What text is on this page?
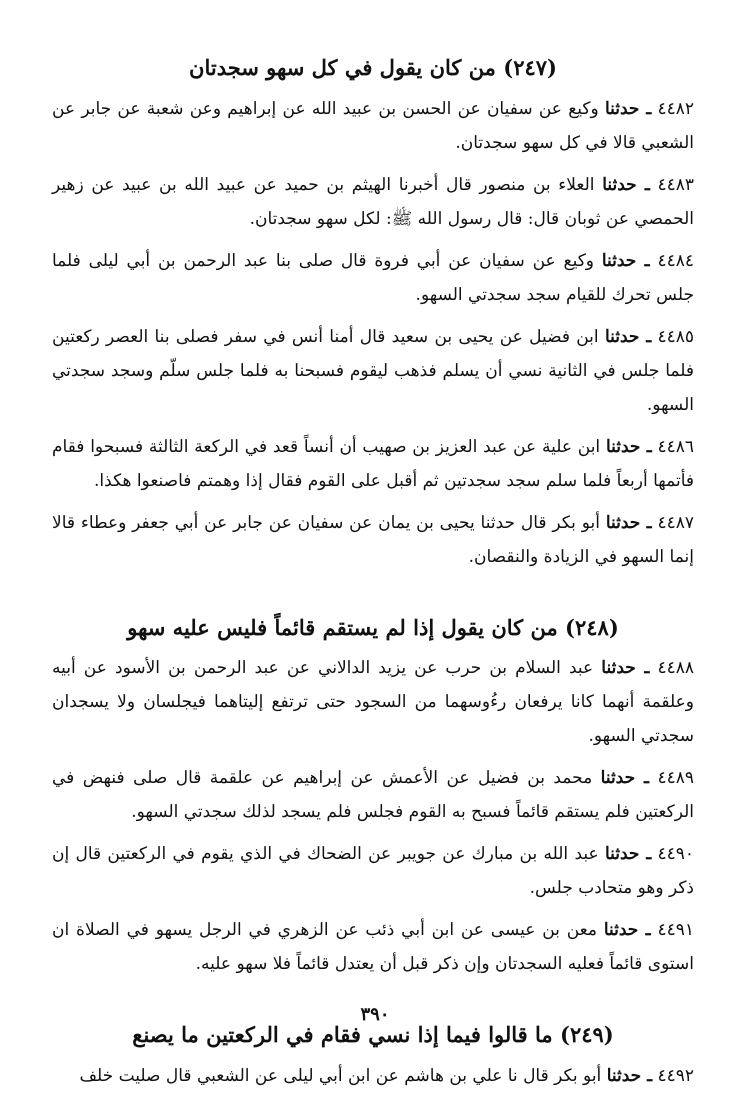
(٢٤٧) من كان يقول في كل سهو سجدتان

٤٤٨٢ ـ حدثنا وكيع عن سفيان عن الحسن بن عبيد الله عن إبراهيم وعن شعبة عن جابر عن الشعبي قالا في كل سهو سجدتان.

٤٤٨٣ ـ حدثنا العلاء بن منصور قال أخبرنا الهيثم بن حميد عن عبيد الله بن عبيد عن زهير الحمصي عن ثوبان قال: قال رسول الله ﷺ: لكل سهو سجدتان.

٤٤٨٤ ـ حدثنا وكيع عن سفيان عن أبي فروة قال صلى بنا عبد الرحمن بن أبي ليلى فلما جلس تحرك للقيام سجد سجدتي السهو.

٤٤٨٥ ـ حدثنا ابن فضيل عن يحيى بن سعيد قال أمنا أنس في سفر فصلى بنا العصر ركعتين فلما جلس في الثانية نسي أن يسلم فذهب ليقوم فسبحنا به فلما جلس سلّم وسجد سجدتي السهو.

٤٤٨٦ ـ حدثنا ابن علية عن عبد العزيز بن صهيب أن أنساً قعد في الركعة الثالثة فسبحوا فقام فأتمها أربعاً فلما سلم سجد سجدتين ثم أقبل على القوم فقال إذا وهمتم فاصنعوا هكذا.

٤٤٨٧ ـ حدثنا أبو بكر قال حدثنا يحيى بن يمان عن سفيان عن جابر عن أبي جعفر وعطاء قالا إنما السهو في الزيادة والنقصان.

(٢٤٨) من كان يقول إذا لم يستقم قائماً فليس عليه سهو

٤٤٨٨ ـ حدثنا عبد السلام بن حرب عن يزيد الدالاني عن عبد الرحمن بن الأسود عن أبيه وعلقمة أنهما كانا يرفعان رءُوسهما من السجود حتى ترتفع إليتاهما فيجلسان ولا يسجدان سجدتي السهو.

٤٤٨٩ ـ حدثنا محمد بن فضيل عن الأعمش عن إبراهيم عن علقمة قال صلى فنهض في الركعتين فلم يستقم قائماً فسبح به القوم فجلس فلم يسجد لذلك سجدتي السهو.

٤٤٩٠ ـ حدثنا عبد الله بن مبارك عن جويبر عن الضحاك في الذي يقوم في الركعتين قال إن ذكر وهو متحادب جلس.

٤٤٩١ ـ حدثنا معن بن عيسى عن ابن أبي ذئب عن الزهري في الرجل يسهو في الصلاة ان استوى قائماً فعليه السجدتان وإن ذكر قبل أن يعتدل قائماً فلا سهو عليه.

(٢٤٩) ما قالوا فيما إذا نسي فقام في الركعتين ما يصنع

٤٤٩٢ ـ حدثنا أبو بكر قال نا علي بن هاشم عن ابن أبي ليلى عن الشعبي قال صليت خلف

٣٩٠
